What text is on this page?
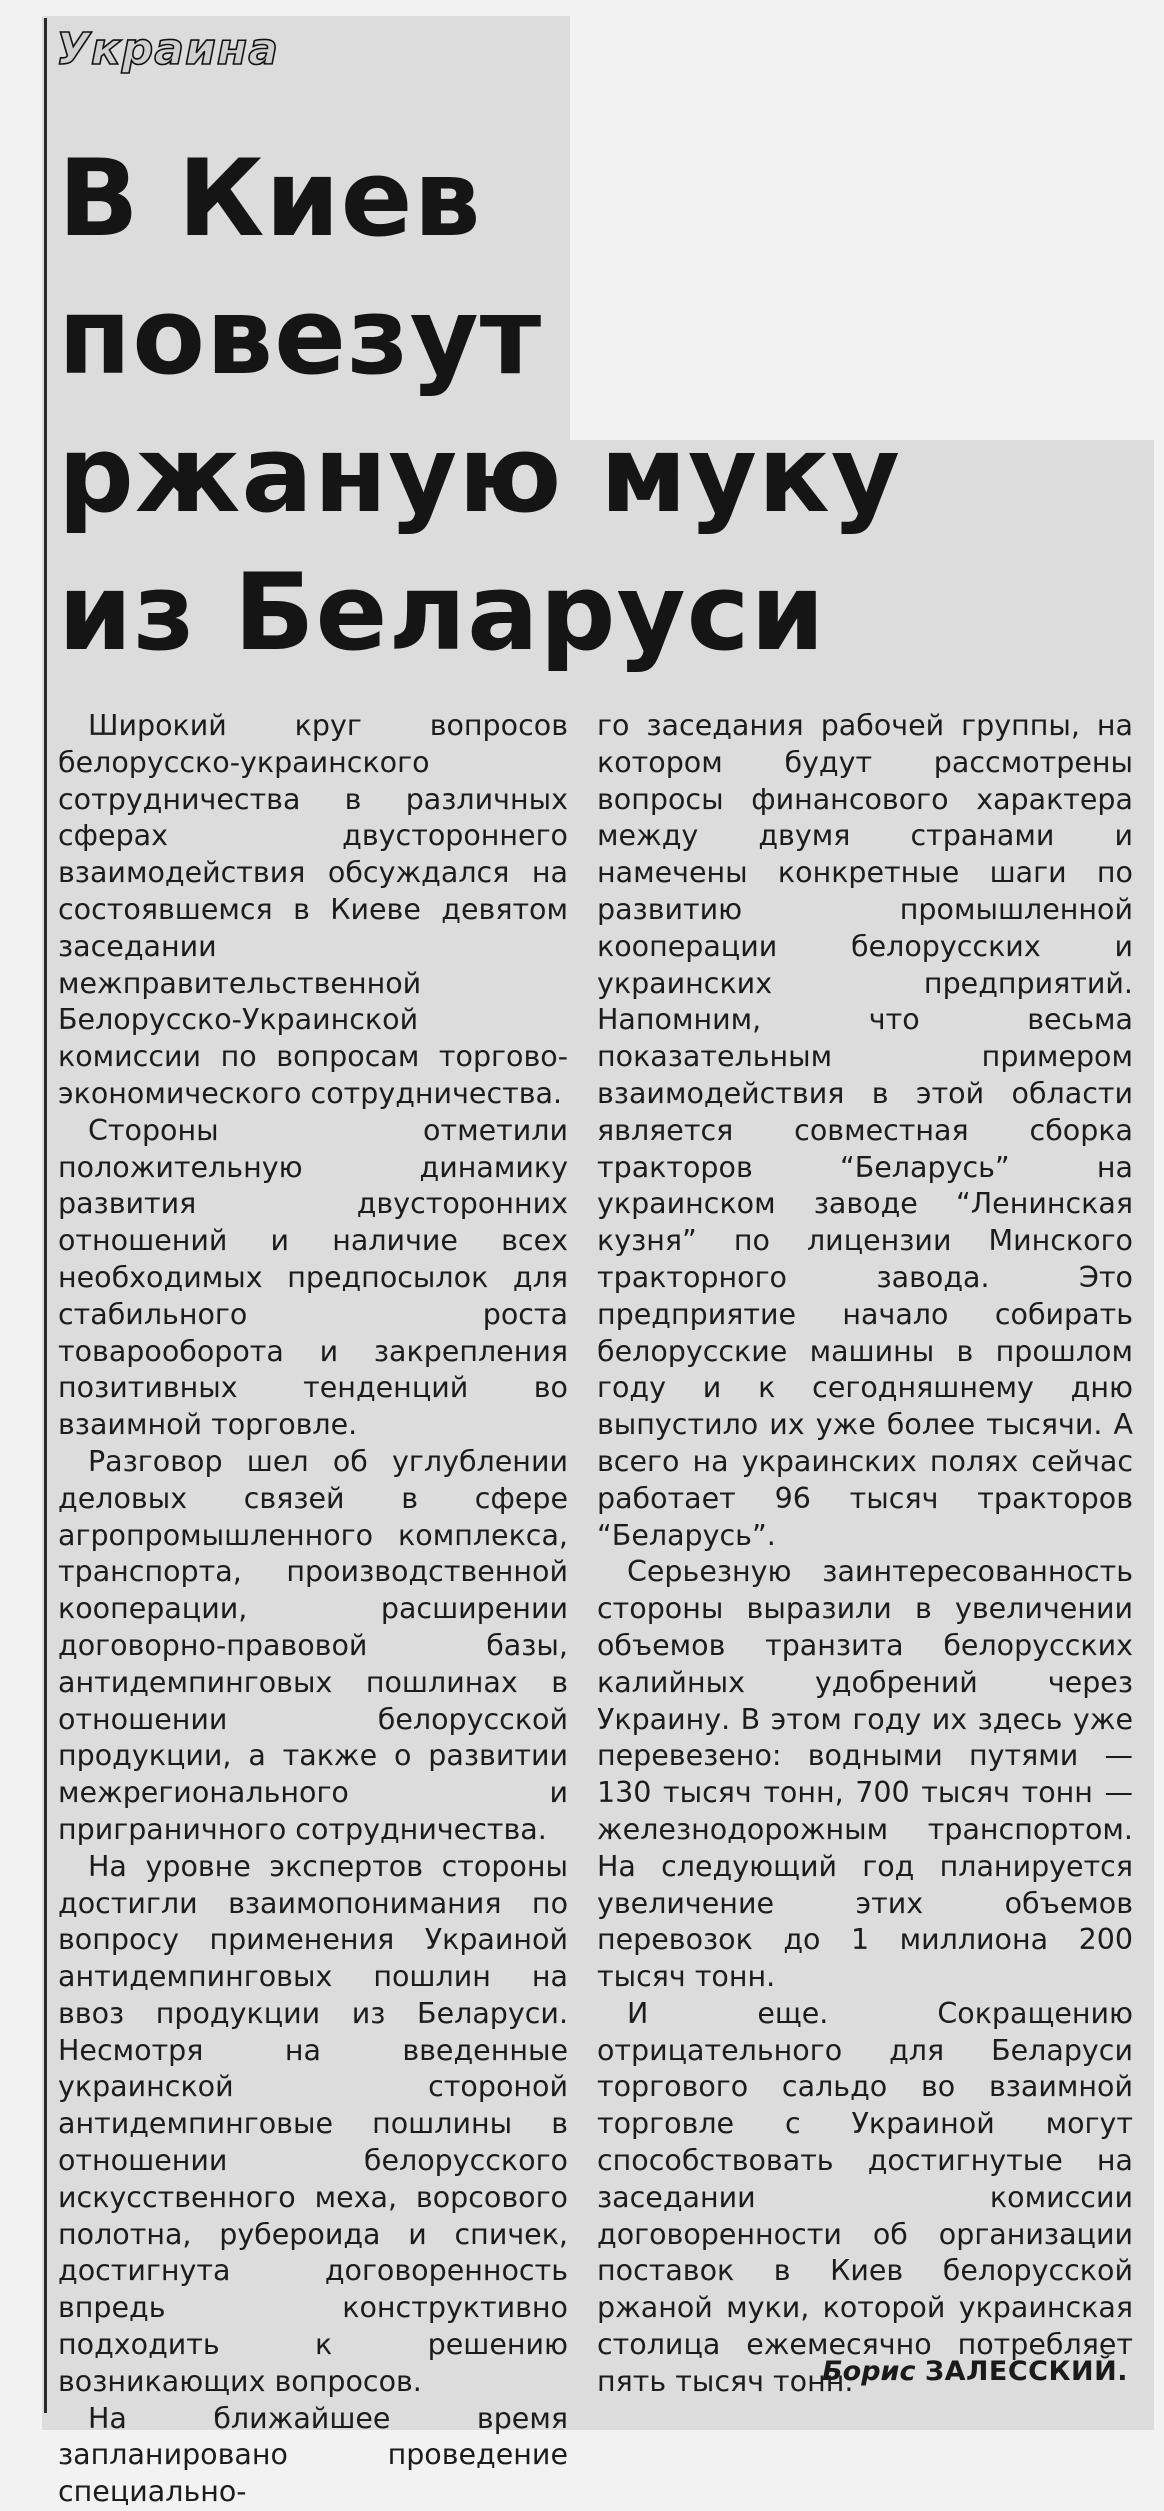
Украина
В Киев
повезут
ржаную муку
из Беларуси

Широкий круг вопросов белорусско-украинского сотрудничества в различных сферах двустороннего взаимодействия обсуждался на состоявшемся в Киеве девятом заседании межправительственной Белорусско-Украинской комиссии по вопросам торгово-экономического сотрудничества.

Стороны отметили положительную динамику развития двусторонних отношений и наличие всех необходимых предпосылок для стабильного роста товарооборота и закрепления позитивных тенденций во взаимной торговле.

Разговор шел об углублении деловых связей в сфере агропромышленного комплекса, транспорта, производственной кооперации, расширении договорно-правовой базы, антидемпинговых пошлинах в отношении белорусской продукции, а также о развитии межрегионального и приграничного сотрудничества.

На уровне экспертов стороны достигли взаимопонимания по вопросу применения Украиной антидемпинговых пошлин на ввоз продукции из Беларуси. Несмотря на введенные украинской стороной антидемпинговые пошлины в отношении белорусского искусственного меха, ворсового полотна, рубероида и спичек, достигнута договоренность впредь конструктивно подходить к решению возникающих вопросов.

На ближайшее время запланировано проведение специально-

го заседания рабочей группы, на котором будут рассмотрены вопросы финансового характера между двумя странами и намечены конкретные шаги по развитию промышленной кооперации белорусских и украинских предприятий. Напомним, что весьма показательным примером взаимодействия в этой области является совместная сборка тракторов “Беларусь” на украинском заводе “Ленинская кузня” по лицензии Минского тракторного завода. Это предприятие начало собирать белорусские машины в прошлом году и к сегодняшнему дню выпустило их уже более тысячи. А всего на украинских полях сейчас работает 96 тысяч тракторов “Беларусь”.

Серьезную заинтересованность стороны выразили в увеличении объемов транзита белорусских калийных удобрений через Украину. В этом году их здесь уже перевезено: водными путями — 130 тысяч тонн, 700 тысяч тонн — железнодорожным транспортом. На следующий год планируется увеличение этих объемов перевозок до 1 миллиона 200 тысяч тонн.

И еще. Сокращению отрицательного для Беларуси торгового сальдо во взаимной торговле с Украиной могут способствовать достигнутые на заседании комиссии договоренности об организации поставок в Киев белорусской ржаной муки, которой украинская столица ежемесячно потребляет пять тысяч тонн.

Борис ЗАЛЕССКИЙ.
